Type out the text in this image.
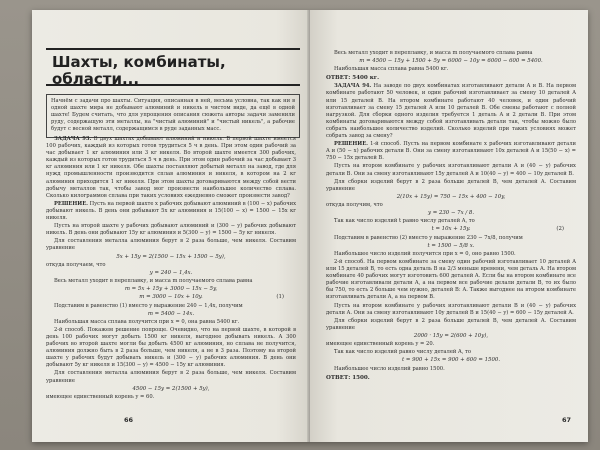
Шахты, комбинаты, области...

Начнём с задачи про шахты. Ситуация, описанная в ней, весьма условна, так как ни в одной шахте мира не добывают алюминий и никель в чистом виде, да ещё в одной шахте! Будем считать, что для упрощения описания сюжета авторы задачи заменили руду, содержащую эти металлы, на "чистый алюминий" и "чистый никель", а рабочие будут с весной металл, содержащимся в руде заданных масс.

ЗАДАЧА 93. В двух шахтах добывают алюминий и никель. В первой шахте имеется 100 рабочих, каждый из которых готов трудиться 5 ч в день. При этом один рабочий за час добывает 1 кг алюминия или 3 кг никеля. Во второй шахте имеется 300 рабочих, каждый из которых готов трудиться 5 ч в день. При этом один рабочий за час добывает 3 кг алюминия или 1 кг никеля. Обе шахты поставляют добытый металл на завод, где для нужд промышленности производится сплав алюминия и никеля, в котором на 2 кг алюминия приходится 1 кг никеля. При этом шахты договариваются между собой вести добычу металлов так, чтобы завод мог произвести наибольшее количество сплава. Сколько килограммов сплава при таких условиях ежедневно сможет произвести завод?

РЕШЕНИЕ. Пусть на первой шахте x рабочих добывают алюминий в (100 − x) рабочих добывают никель. В день они добывают 5x кг алюминия и 15(100 − x) = 1500 − 15x кг никеля.

Пусть на второй шахте y рабочих добывают алюминий и (300 − y) рабочих добывают никель. В день они добывают 15y кг алюминия и 5(300 − y) = 1500 − 5y кг никеля.

Для составления металла алюминия берут в 2 раза больше, чем никеля. Составим уравнение

5x + 15y = 2(1500 − 15x + 1500 − 5y),

откуда получаем, что

y = 240 − 1,4x.

Весь металл уходит в переплавку, и масса m получаемого сплава равна

m = 5x + 15y + 3000 − 15x − 5y,
m = 3000 − 10x + 10y.	(1)

Подставим в равенство (1) вместо y выражение 240 − 1,4x, получим

m = 5400 − 14x.

Наибольшая масса сплава получится при x = 0, она равна 5400 кг.

2-й способ. Покажем решение попроще. Очевидно, что на первой шахте, в которой в день 100 рабочих могут добыть 1500 кг никеля, выгоднее добывать никель. А 300 рабочих во второй шахте могли бы добыть 4500 кг алюминия, но сплава не получится, алюминия должно быть в 2 раза больше, чем никеля, а не в 3 раза. Поэтому на второй шахте y рабочих будут добывать никель и (300 − y) рабочих алюминия. В день они добывают 5y кг никеля и 15(300 − y) = 4500 − 15y кг алюминия.

Для составления металла алюминия берут в 2 раза больше, чем никеля. Составим уравнение

4500 − 15y = 2(1500 + 5y),

имеющее единственный корень y = 60.

66

Весь металл уходит в переплавку, и масса m получаемого сплава равна

m = 4500 − 15y + 1500 + 5y = 6000 − 10y = 6000 − 600 = 5400.

Наибольшая масса сплава равна 5400 кг.

ОТВЕТ: 5400 кг.

ЗАДАЧА 94. На заводе по двух комбинатах изготавливают детали A и B. На первом комбинате работают 50 человек, и один рабочий изготавливает за смену 10 деталей A или 15 деталей B. На втором комбинате работают 40 человек, и один рабочий изготавливает за смену 15 деталей A или 10 деталей B. Обе смены работают с полной нагрузкой. Для сборки одного изделия требуется 1 деталь A и 2 детали B. При этом комбинаты договариваются между собой изготавливать детали так, чтобы можно было собрать наибольшее количество изделий. Сколько изделий при таких условиях может собрать завод за смену?

РЕШЕНИЕ. 1-й способ. Пусть на первом комбинате x рабочих изготавливают детали A и (50 − x) рабочих детали B. Они за смену изготавливают 10x деталей A и 15(50 − x) = 750 − 15x деталей B.

Пусть на втором комбинате y рабочих изготавливают детали A и (40 − y) рабочих детали B. Они за смену изготавливают 15y деталей A и 10(40 − y) = 400 − 10y деталей B.

Для сборки изделий берут в 2 раза больше деталей B, чем деталей A. Составим уравнение

2(10x + 15y) = 750 − 15x + 400 − 10y,

откуда получим, что

y = 230 − 7x / 8.

Так как число изделий t равно числу деталей A, то

t = 10x + 15y.	(2)

Подставим в равенство (2) вместо y выражение 230 − 7x/8, получим

t = 1500 − 5/8 x.

Наибольшее число изделий получится при x = 0, оно равно 1500.

2-й способ. На первом комбинате за смену один рабочий изготавливает 10 деталей A или 15 деталей B, то есть одна деталь B на 2/3 меньше времени, чем деталь A. На втором комбинате 40 рабочих могут изготовить 600 деталей A. Если бы на втором комбинате все рабочие изготавливали детали A, а на первом все рабочие делали детали B, то их было бы 750, то есть 2 больше чем нужно, деталей B: A. Также выгоднее на втором комбинате изготавливать детали A, а на первом B.

Пусть на втором комбинате y рабочих изготавливают детали B и (40 − y) рабочих детали A. Они за смену изготавливают 10y деталей B и 15(40 − y) = 600 − 15y деталей A.

Для сборки изделий берут в 2 раза больше деталей B, чем деталей A. Составим уравнение

2000 · 15y = 2(600 + 10y),

имеющее единственный корень y = 20.

Так как число изделий равно числу деталей A, то

t = 900 + 15x = 900 + 600 = 1500.

Наибольшее число изделий равно 1500.

ОТВЕТ: 1500.
67
